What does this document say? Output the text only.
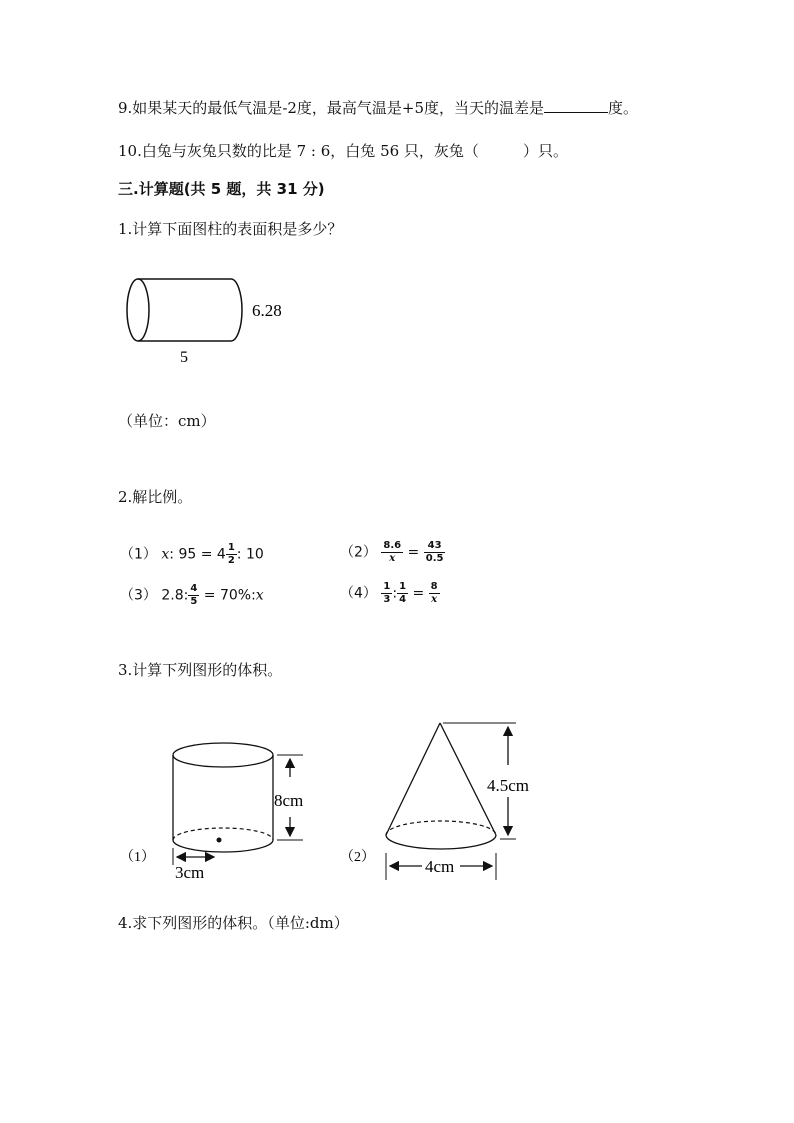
9.如果某天的最低气温是-2度，最高气温是+5度，当天的温差是	度。
10.白兔与灰兔只数的比是 7 : 6，白兔 56 只，灰兔（	）只。
三.计算题(共 5 题，共 31 分)
1.计算下面图柱的表面积是多少？
6.28
5
（单位：cm）
2.解比例。
（1） x: $95 = 4 \frac{1}{2}$ : 10	$(2) \frac{8.6}{x} = \frac{43}{0.5}$
（3） 2.8: $\frac{4}{5}$ = 70%:x	$(4) \frac{1}{3}$ : $\frac{1}{4} = \frac{8}{x}$
3.计算下列图形的体积。
8cm
3cm
（1）
4.5cm
4cm
（2）
4.求下列图形的体积。（单位:dm）
